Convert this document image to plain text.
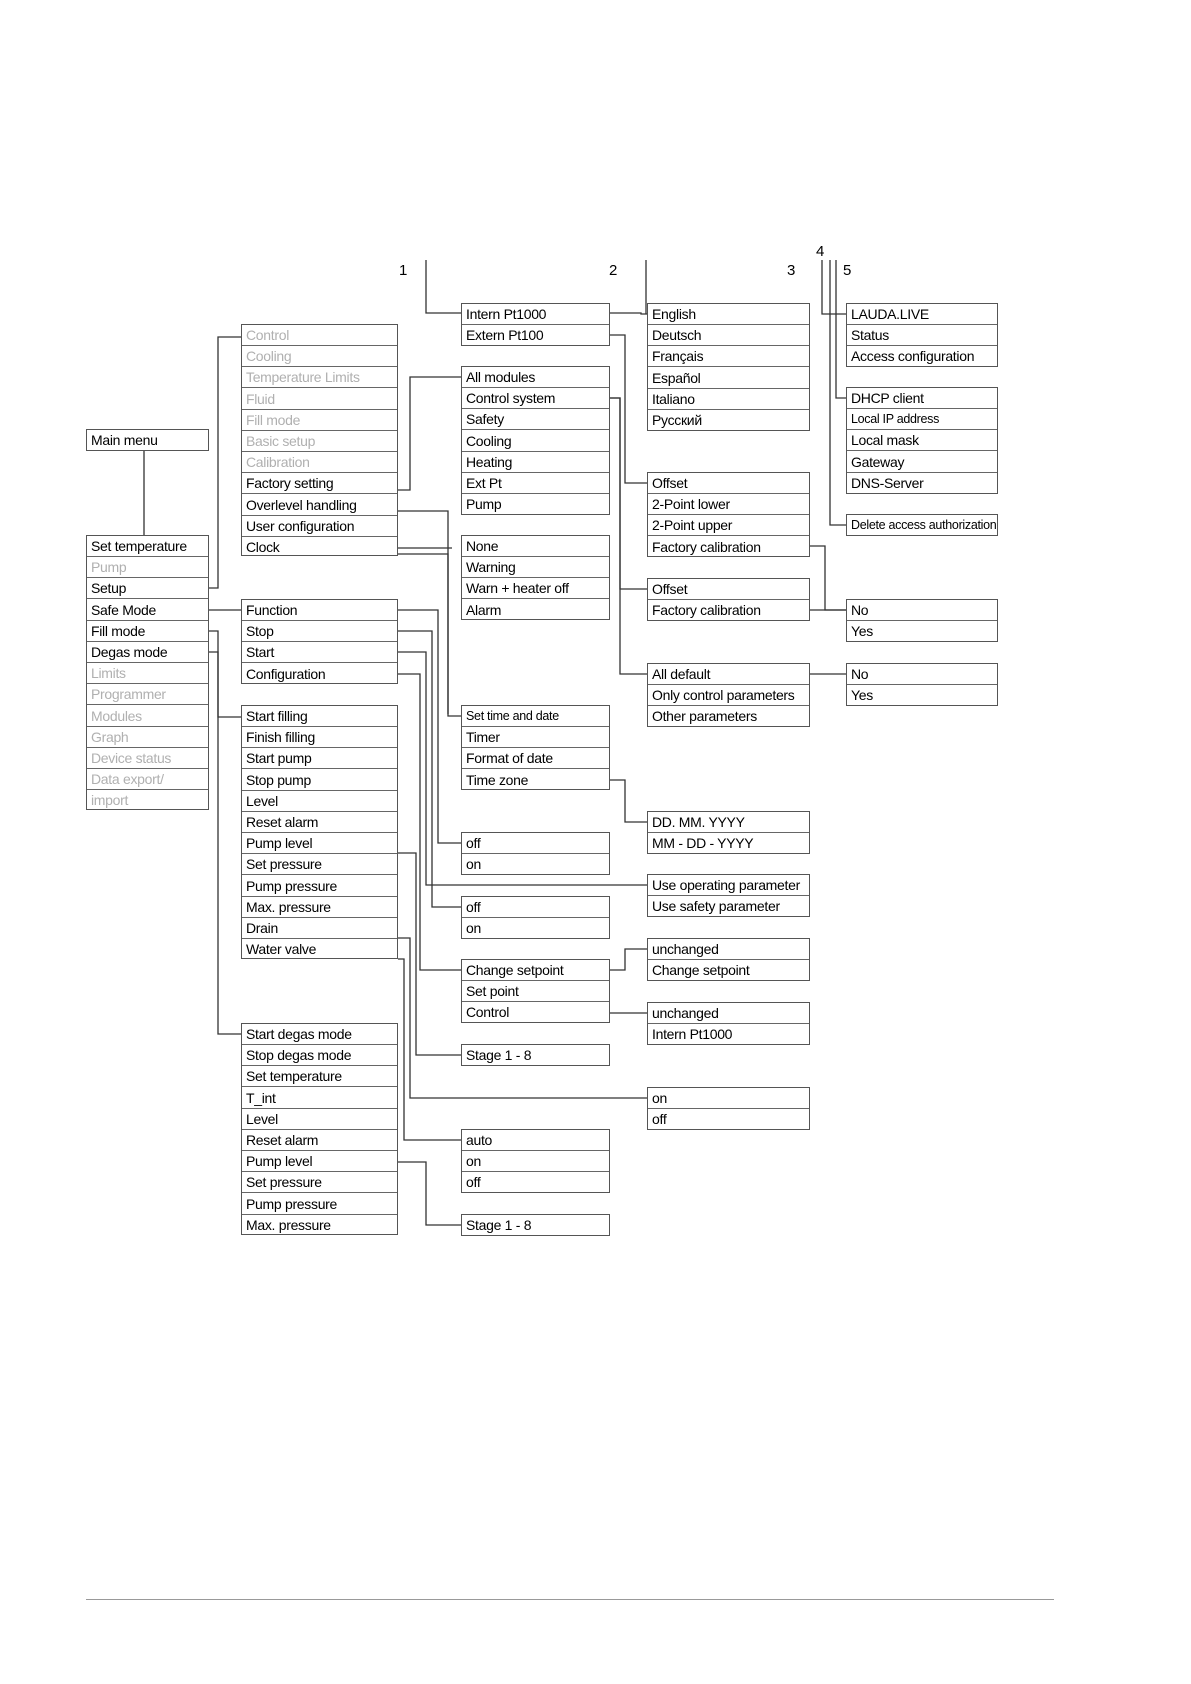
1	2	3
4
5
Main menu
Set temperature
Pump
Setup
Safe Mode
Fill mode
Degas mode
Limits
Programmer
Modules
Graph
Device status
Data export/
import
Control
Cooling
Temperature Limits
Fluid
Fill mode
Basic setup
Calibration
Factory setting
Overlevel handling
User configuration
Clock
Function
Stop
Start
Configuration
Start filling
Finish filling
Start pump
Stop pump
Level
Reset alarm
Pump level
Set pressure
Pump pressure
Max. pressure
Drain
Water valve
Start degas mode
Stop degas mode
Set temperature
T_int
Level
Reset alarm
Pump level
Set pressure
Pump pressure
Max. pressure
Intern Pt1000
Extern Pt100
All modules
Control system
Safety
Cooling
Heating
Ext Pt
Pump
None
Warning
Warn + heater off
Alarm
Set time and date
Timer
Format of date
Time zone
off
on
off
on
Change setpoint
Set point
Control
Stage 1 - 8
auto
on
off
Stage 1 - 8
English
Deutsch
Français
Español
Italiano
Русский
Offset
2-Point lower
2-Point upper
Factory calibration
Offset
Factory calibration
All default
Only control parameters
Other parameters
DD. MM. YYYY
MM - DD - YYYY
Use operating parameter
Use safety parameter
unchanged
Change setpoint
unchanged
Intern Pt1000
on
off
LAUDA.LIVE
Status
Access configuration
DHCP client
Local IP address
Local mask
Gateway
DNS-Server
Delete access authorization
No
Yes
No
Yes
